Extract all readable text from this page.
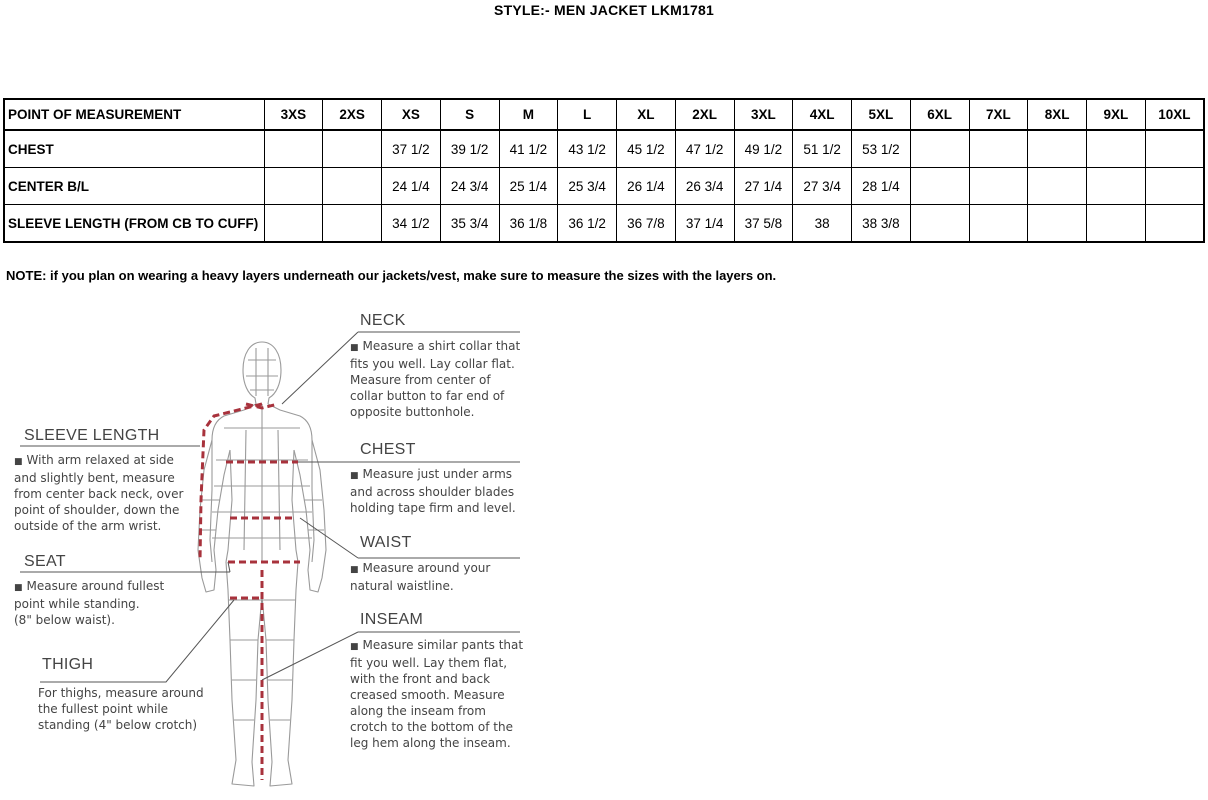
STYLE:- MEN JACKET LKM1781
POINT OF MEASUREMENT	3XS	2XS	XS	S	M	L	XL	2XL	3XL	4XL	5XL	6XL	7XL	8XL	9XL	10XL
CHEST			37 1/2	39 1/2	41 1/2	43 1/2	45 1/2	47 1/2	49 1/2	51 1/2	53 1/2					
CENTER B/L			24 1/4	24 3/4	25 1/4	25 3/4	26 1/4	26 3/4	27 1/4	27 3/4	28 1/4					
SLEEVE LENGTH (FROM CB TO CUFF)			34 1/2	35 3/4	36 1/8	36 1/2	36 7/8	37 1/4	37 5/8	38	38 3/8					
NOTE: if you plan on wearing a heavy layers underneath our jackets/vest, make sure to measure the sizes with the layers on.
NECK
■ Measure a shirt collar that
fits you well. Lay collar flat.
Measure from center of
collar button to far end of
opposite buttonhole.
CHEST
■ Measure just under arms
and across shoulder blades
holding tape firm and level.
WAIST
■ Measure around your
natural waistline.
INSEAM
■ Measure similar pants that
fit you well. Lay them flat,
with the front and back
creased smooth. Measure
along the inseam from
crotch to the bottom of the
leg hem along the inseam.
SLEEVE LENGTH
■ With arm relaxed at side
and slightly bent, measure
from center back neck, over
point of shoulder, down the
outside of the arm wrist.
SEAT
■ Measure around fullest
point while standing.
(8" below waist).
THIGH
For thighs, measure around
the fullest point while
standing (4" below crotch)
